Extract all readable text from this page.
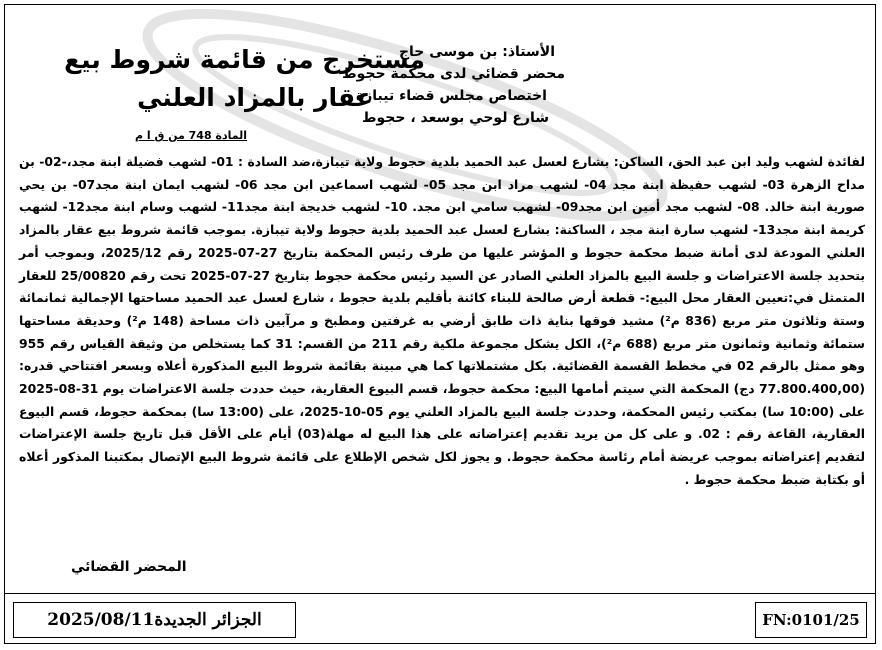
الأستاذ: بن موسى حاج
محضر قضائي لدى محكمة حجوط
اختصاص مجلس قضاء تيبازة
شارع لوحي بوسعد ، حجوط
مستخرج من قائمة شروط بيع
عقار بالمزاد العلني
المادة 748 من ق ا م

لفائدة لشهب وليد ابن عبد الحق، الساكن: بشارع لعسل عبد الحميد بلدية حجوط ولاية تيبازة،ضد السادة : 01- لشهب فضيلة ابنة مجد،-02- بن مداح الزهرة 03- لشهب حفيظة ابنة مجد 04- لشهب مراد ابن مجد 05- لشهب اسماعين ابن مجد 06- لشهب ايمان ابنة مجد07- بن يحي صورية ابنة خالد. 08- لشهب مجد أمين ابن مجد09- لشهب سامي ابن مجد. 10- لشهب خديجة ابنة مجد11- لشهب وسام ابنة مجد12- لشهب كريمة ابنة مجد13- لشهب سارة ابنة مجد ، الساكنة: بشارع لعسل عبد الحميد بلدية حجوط ولاية تيبازة. بموجب قائمة شروط بيع عقار بالمزاد العلني المودعة لدى أمانة ضبط محكمة حجوط و المؤشر عليها من طرف رئيس المحكمة بتاريخ 27-07-2025 رقم 2025/12، وبموجب أمر بتحديد جلسة الاعتراضات و جلسة البيع بالمزاد العلني الصادر عن السيد رئيس محكمة حجوط بتاريخ 27-07-2025 تحت رقم 25/00820 للعقار المتمثل في:تعيين العقار محل البيع:- قطعة أرض صالحة للبناء كائنة بأقليم بلدية حجوط ، شارع لعسل عبد الحميد مساحتها الإجمالية ثمانمائة وستة وثلاثون متر مربع (836 م²) مشيد فوقها بناية ذات طابق أرضي به غرفتين ومطبخ و مرآبين ذات مساحة (148 م²) وحديقة مساحتها ستمائة وثمانية وثمانون متر مربع (688 م²)، الكل يشكل مجموعة ملكية رقم 211 من القسم: 31 كما يستخلص من وثيقة القياس رقم 955 وهو ممثل بالرقم 02 في مخطط القسمة القضائية. بكل مشتملاتها كما هي مبينة بقائمة شروط البيع المذكورة أعلاه وبسعر افتتاحي قدره: (77.800.400,00 دج) المحكمة التي سيتم أمامها البيع: محكمة حجوط، قسم البيوع العقارية، حيث حددت جلسة الاعتراضات يوم 31-08-2025 على (10:00 سا) بمكتب رئيس المحكمة، وحددت جلسة البيع بالمزاد العلني يوم 05-10-2025، على (13:00 سا) بمحكمة حجوط، قسم البيوع العقارية، القاعة رقم : 02. و على كل من يريد تقديم إعتراضاته على هذا البيع له مهلة(03) أيام على الأقل قبل تاريخ جلسة الإعتراضات لتقديم إعتراضاته بموجب عريضة أمام رئاسة محكمة حجوط. و يجوز لكل شخص الإطلاع على قائمة شروط البيع الإتصال بمكتبنا المذكور أعلاه أو بكتابة ضبط محكمة حجوط .

المحضر القضائي
الجزائر الجديدة2025/08/11	FN:0101/25
